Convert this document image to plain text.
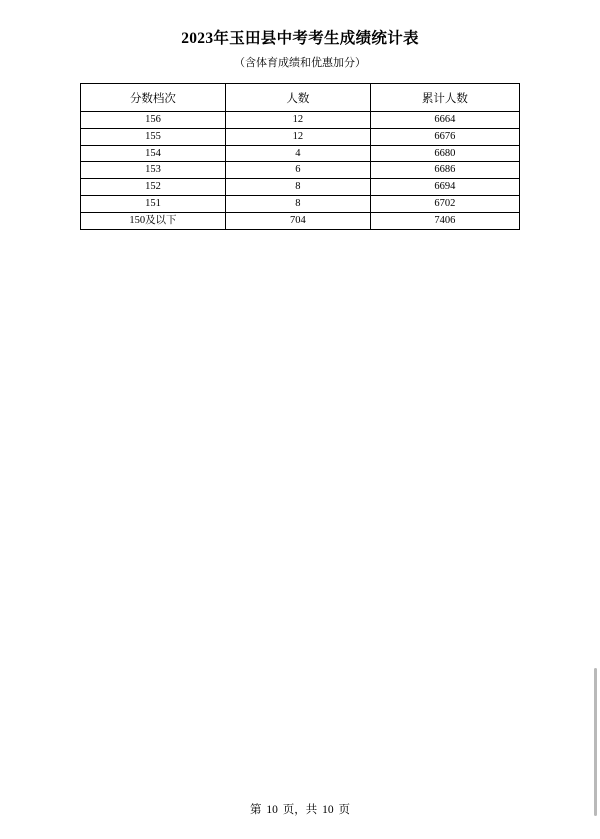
2023年玉田县中考考生成绩统计表
（含体育成绩和优惠加分）
分数档次	人数	累计人数
156	12	6664
155	12	6676
154	4	6680
153	6	6686
152	8	6694
151	8	6702
150及以下	704	7406
第 10 页，共 10 页
